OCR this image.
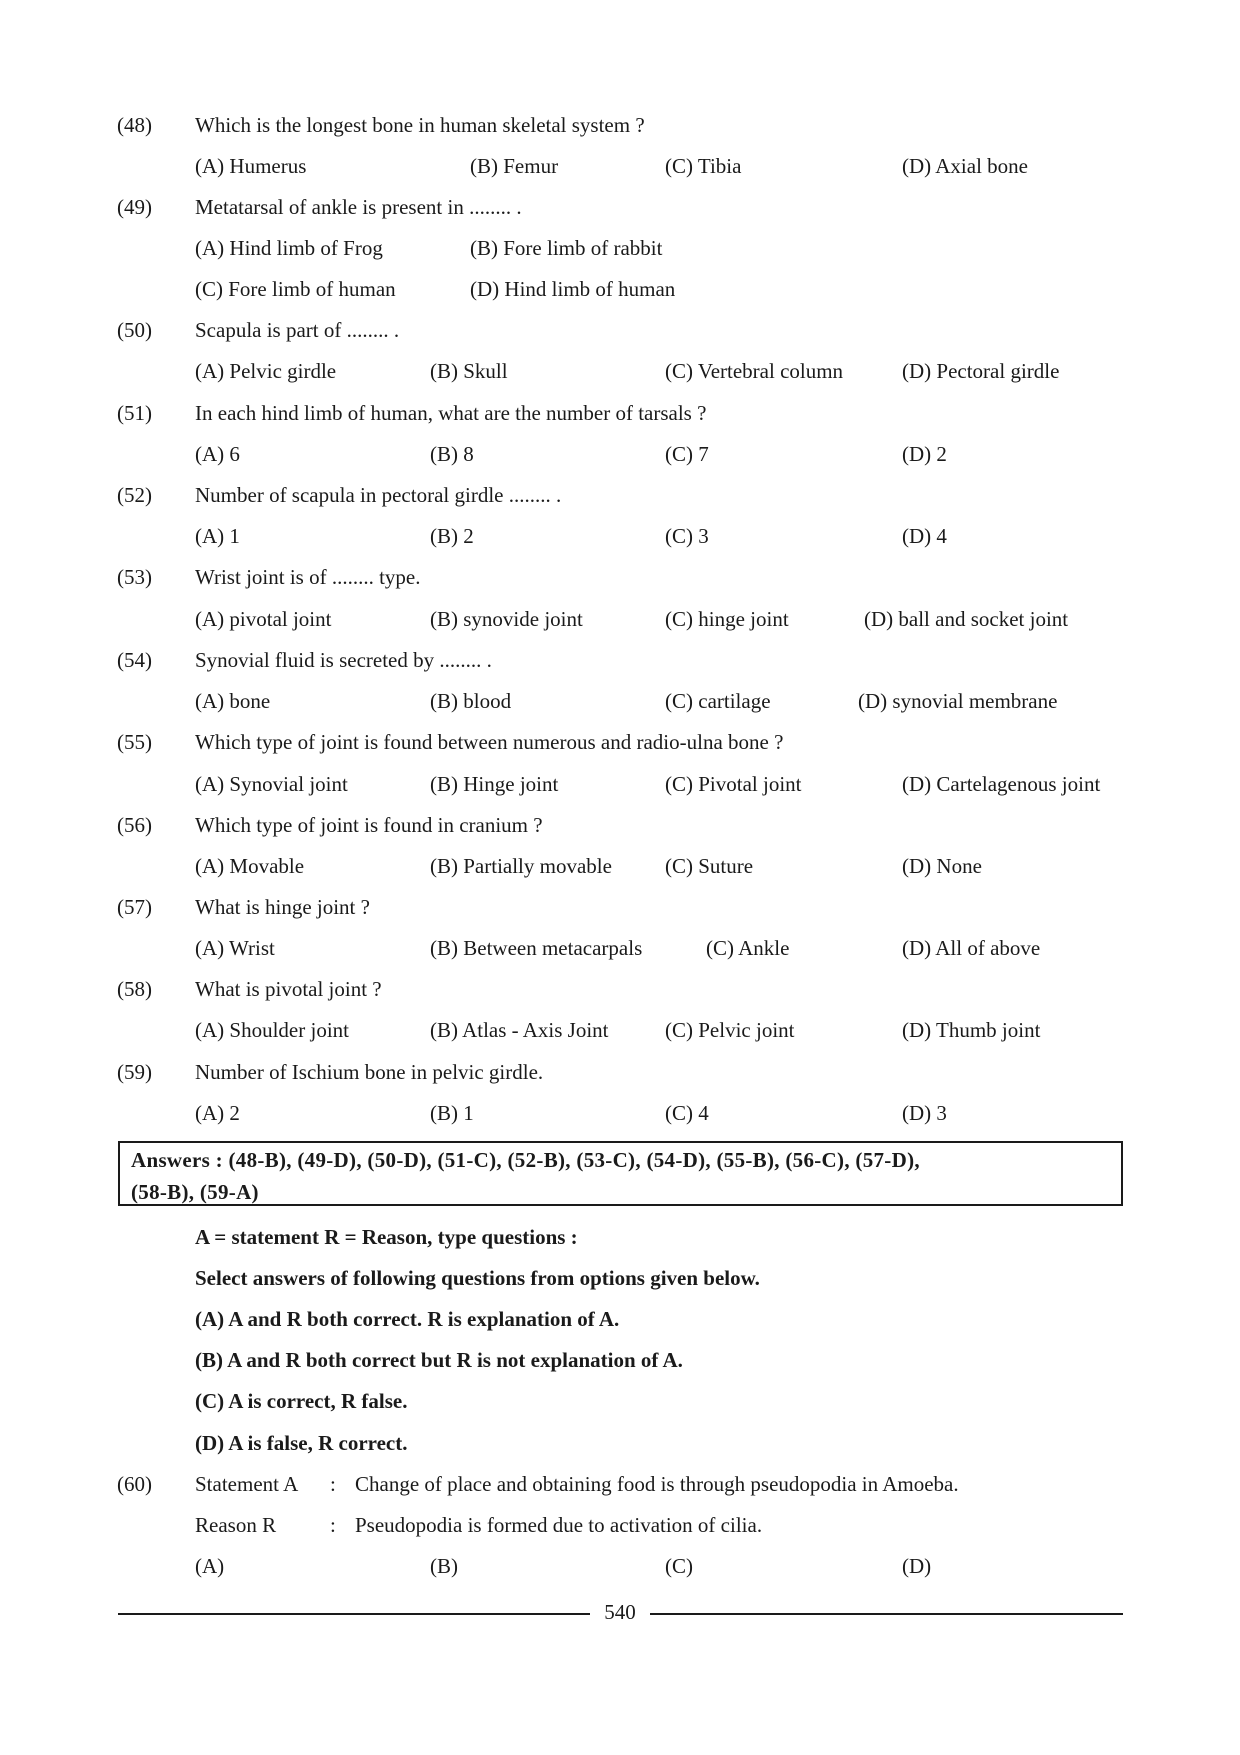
(48) Which is the longest bone in human skeletal system ?
(A) Humerus	(B) Femur	(C) Tibia	(D) Axial bone
(49) Metatarsal of ankle is present in ........ .
(A) Hind limb of Frog	(B) Fore limb of rabbit
(C) Fore limb of human	(D) Hind limb of human
(50) Scapula is part of ........ .
(A) Pelvic girdle	(B) Skull	(C) Vertebral column	(D) Pectoral girdle
(51) In each hind limb of human, what are the number of tarsals ?
(A) 6	(B) 8	(C) 7	(D) 2
(52) Number of scapula in pectoral girdle ........ .
(A) 1	(B) 2	(C) 3	(D) 4
(53) Wrist joint is of ........ type.
(A) pivotal joint	(B) synovide joint	(C) hinge joint	(D) ball and socket joint
(54) Synovial fluid is secreted by ........ .
(A) bone	(B) blood	(C) cartilage	(D) synovial membrane
(55) Which type of joint is found between numerous and radio-ulna bone ?
(A) Synovial joint	(B) Hinge joint	(C) Pivotal joint	(D) Cartelagenous joint
(56) Which type of joint is found in cranium ?
(A) Movable	(B) Partially movable	(C) Suture	(D) None
(57) What is hinge joint ?
(A) Wrist	(B) Between metacarpals	(C) Ankle	(D) All of above
(58) What is pivotal joint ?
(A) Shoulder joint	(B) Atlas - Axis Joint	(C) Pelvic joint	(D) Thumb joint
(59) Number of Ischium bone in pelvic girdle.
(A) 2	(B) 1	(C) 4	(D) 3
Answers : (48-B), (49-D), (50-D), (51-C), (52-B), (53-C), (54-D), (55-B), (56-C), (57-D),
(58-B), (59-A)
A = statement R = Reason, type questions :
Select answers of following questions from options given below.
(A) A and R both correct. R is explanation of A.
(B) A and R both correct but R is not explanation of A.
(C) A is correct, R false.
(D) A is false, R correct.
(60) Statement A : Change of place and obtaining food is through pseudopodia in Amoeba.
Reason R	: Pseudopodia is formed due to activation of cilia.
(A)	(B)	(C)	(D)
540
